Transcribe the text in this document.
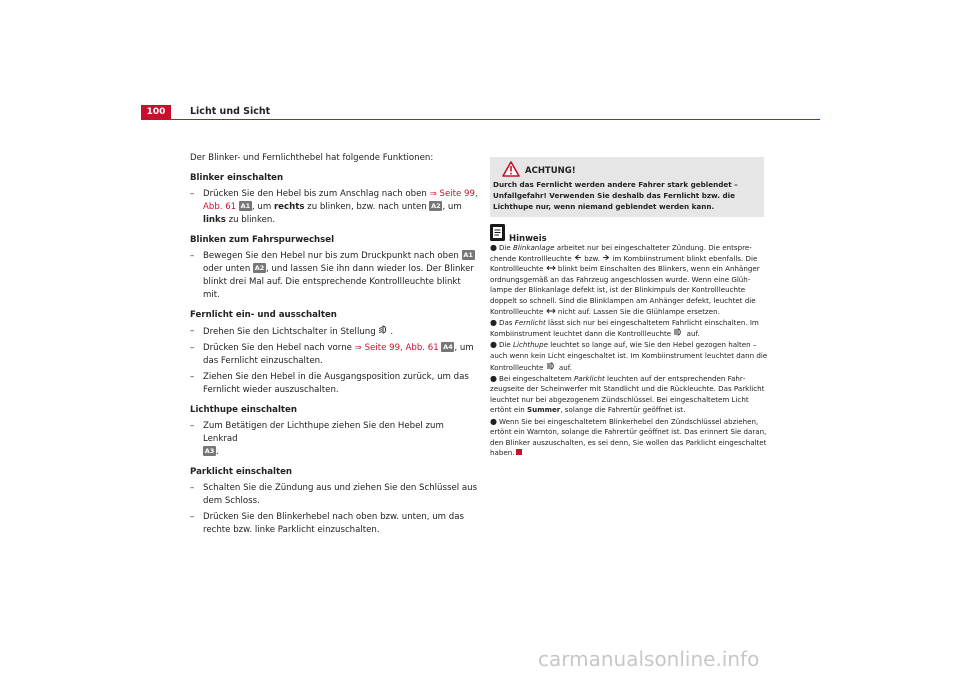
100	Licht und Sicht

Der Blinker- und Fernlichthebel hat folgende Funktionen:

Blinker einschalten

–	Drücken Sie den Hebel bis zum Anschlag nach oben ⇒ Seite 99, Abb. 61 A1 , um rechts zu blinken, bzw. nach unten A2 , um links zu blinken.

Blinken zum Fahrspurwechsel

–	Bewegen Sie den Hebel nur bis zum Druckpunkt nach oben A1 oder unten A2 , und lassen Sie ihn dann wieder los. Der Blinker blinkt drei Mal auf. Die entsprechende Kontrollleuchte blinkt mit.

Fernlicht ein- und ausschalten

–	Drehen Sie den Lichtschalter in Stellung .
–	Drücken Sie den Hebel nach vorne ⇒ Seite 99, Abb. 61 A4 , um das Fernlicht einzuschalten.
–	Ziehen Sie den Hebel in die Ausgangsposition zurück, um das Fernlicht wieder auszuschalten.

Lichthupe einschalten

–	Zum Betätigen der Lichthupe ziehen Sie den Hebel zum Lenkrad
A3 .

Parklicht einschalten

–	Schalten Sie die Zündung aus und ziehen Sie den Schlüssel aus dem Schloss.
–	Drücken Sie den Blinkerhebel nach oben bzw. unten, um das rechte bzw. linke Parklicht einzuschalten.
ACHTUNG!
Durch das Fernlicht werden andere Fahrer stark geblendet – Unfallgefahr! Verwenden Sie deshalb das Fernlicht bzw. die Lichthupe nur, wenn niemand geblendet werden kann.
Hinweis

● Die Blinkanlage arbeitet nur bei eingeschalteter Zündung. Die entsprechende Kontrollleuchte  bzw.  im Kombiinstrument blinkt ebenfalls. Die Kontrollleuchte  blinkt beim Einschalten des Blinkers, wenn ein Anhänger ordnungsgemäß an das Fahrzeug angeschlossen wurde. Wenn eine Glühlampe der Blinkanlage defekt ist, ist der Blinkimpuls der Kontrollleuchte doppelt so schnell. Sind die Blinklampen am Anhänger defekt, leuchtet die Kontrollleuchte  nicht auf. Lassen Sie die Glühlampe ersetzen.

● Das Fernlicht lässt sich nur bei eingeschaltetem Fahrlicht einschalten. Im Kombiinstrument leuchtet dann die Kontrollleuchte  auf.

● Die Lichthupe leuchtet so lange auf, wie Sie den Hebel gezogen halten – auch wenn kein Licht eingeschaltet ist. Im Kombiinstrument leuchtet dann die Kontrollleuchte  auf.

● Bei eingeschaltetem Parklicht leuchten auf der entsprechenden Fahrzeugseite der Scheinwerfer mit Standlicht und die Rückleuchte. Das Parklicht leuchtet nur bei abgezogenem Zündschlüssel. Bei eingeschaltetem Licht ertönt ein Summer, solange die Fahrertür geöffnet ist.

● Wenn Sie bei eingeschaltetem Blinkerhebel den Zündschlüssel abziehen, ertönt ein Warnton, solange die Fahrertür geöffnet ist. Das erinnert Sie daran, den Blinker auszuschalten, es sei denn, Sie wollen das Parklicht eingeschaltet haben.

carmanualsonline.info
